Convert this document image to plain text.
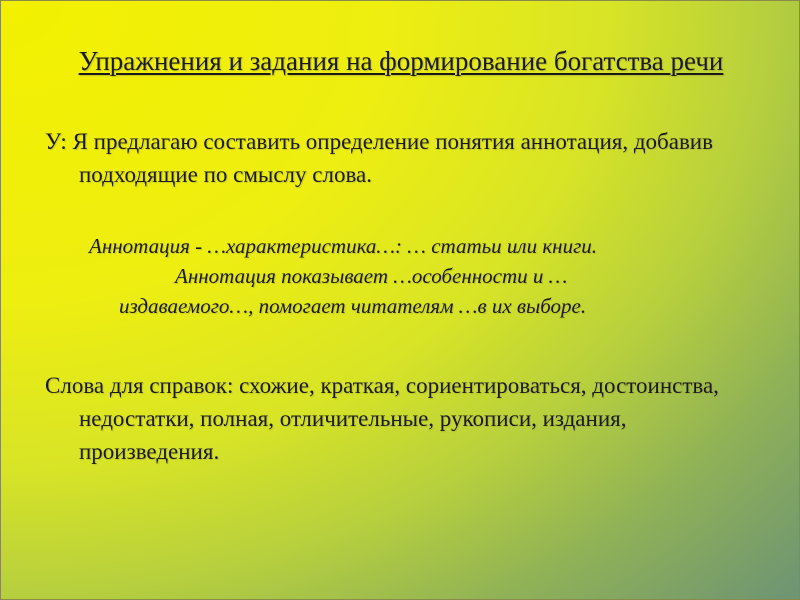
Упражнения и задания на формирование богатства речи
У: Я предлагаю составить определение понятия аннотация, добавив подходящие по смыслу слова.
Аннотация - …характеристика…: … статьи или книги.
Аннотация показывает …особенности и …
издаваемого…, помогает читателям …в их выборе.
Слова для справок: схожие, краткая, сориентироваться, достоинства, недостатки, полная, отличительные, рукописи, издания, произведения.
